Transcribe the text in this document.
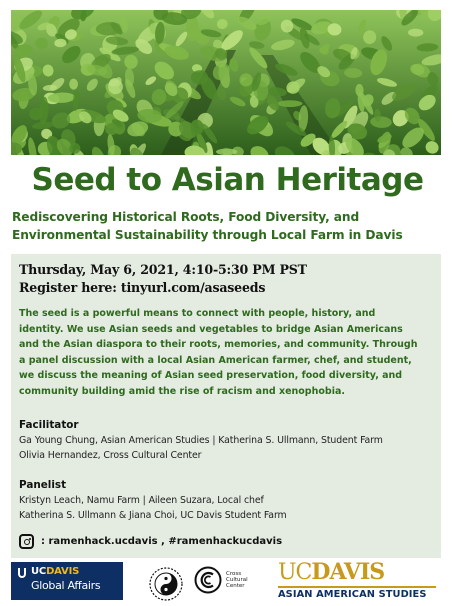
Seed to Asian Heritage
Rediscovering Historical Roots, Food Diversity, and
Environmental Sustainability through Local Farm in Davis
Thursday, May 6, 2021, 4:10-5:30 PM PST
Register here: tinyurl.com/asaseeds
The seed is a powerful means to connect with people, history, and
identity. We use Asian seeds and vegetables to bridge Asian Americans
and the Asian diaspora to their roots, memories, and community. Through
a panel discussion with a local Asian American farmer, chef, and student,
we discuss the meaning of Asian seed preservation, food diversity, and
community building amid the rise of racism and xenophobia.
Facilitator
Ga Young Chung, Asian American Studies | Katherina S. Ullmann, Student Farm
Olivia Hernandez, Cross Cultural Center
Panelist
Kristyn Leach, Namu Farm | Aileen Suzara, Local chef
Katherina S. Ullmann & Jiana Choi, UC Davis Student Farm
: ramenhack.ucdavis , #ramenhackucdavis
UCDAVIS
Global Affairs
Cross
Cultural
Center
UCDAVIS
ASIAN AMERICAN STUDIES
